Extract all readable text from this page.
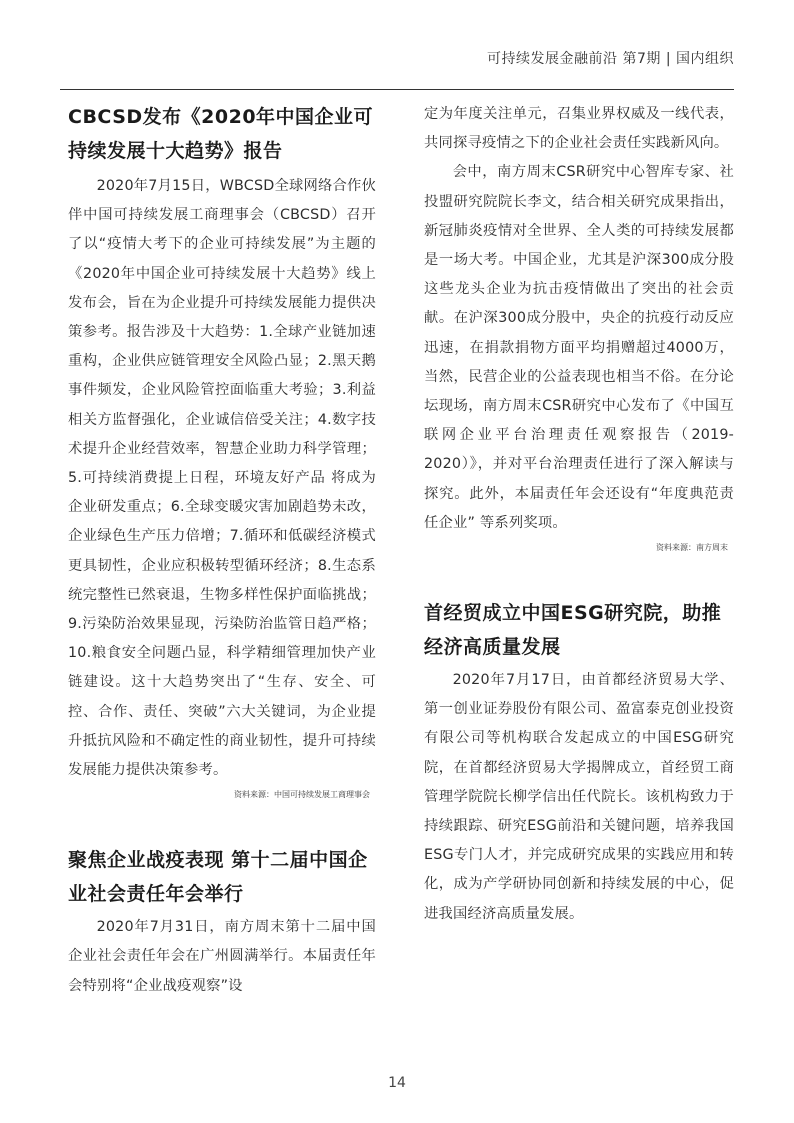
可持续发展金融前沿 第7期 | 国内组织
CBCSD发布《2020年中国企业可持续发展十大趋势》报告

2020年7月15日，WBCSD全球网络合作伙伴中国可持续发展工商理事会（CBCSD）召开了以“疫情大考下的企业可持续发展”为主题的《2020年中国企业可持续发展十大趋势》线上发布会，旨在为企业提升可持续发展能力提供决策参考。报告涉及十大趋势：1.全球产业链加速重构，企业供应链管理安全风险凸显；2.黑天鹅事件频发，企业风险管控面临重大考验；3.利益相关方监督强化，企业诚信倍受关注；4.数字技术提升企业经营效率，智慧企业助力科学管理；5.可持续消费提上日程，环境友好产品 将成为企业研发重点；6.全球变暖灾害加剧趋势未改，企业绿色生产压力倍增；7.循环和低碳经济模式更具韧性，企业应积极转型循环经济；8.生态系统完整性已然衰退，生物多样性保护面临挑战；9.污染防治效果显现，污染防治监管日趋严格；10.粮食安全问题凸显，科学精细管理加快产业链建设。这十大趋势突出了“生存、安全、可控、合作、责任、突破”六大关键词，为企业提升抵抗风险和不确定性的商业韧性，提升可持续发展能力提供决策参考。

资料来源：中国可持续发展工商理事会
聚焦企业战疫表现 第十二届中国企业社会责任年会举行

2020年7月31日，南方周末第十二届中国企业社会责任年会在广州圆满举行。本届责任年会特别将“企业战疫观察”设

定为年度关注单元，召集业界权威及一线代表，共同探寻疫情之下的企业社会责任实践新风向。

会中，南方周末CSR研究中心智库专家、社投盟研究院院长李文，结合相关研究成果指出，新冠肺炎疫情对全世界、全人类的可持续发展都是一场大考。中国企业，尤其是沪深300成分股这些龙头企业为抗击疫情做出了突出的社会贡献。在沪深300成分股中，央企的抗疫行动反应迅速，在捐款捐物方面平均捐赠超过4000万，当然，民营企业的公益表现也相当不俗。在分论坛现场，南方周末CSR研究中心发布了《中国互联网企业平台治理责任观察报告（2019-2020）》，并对平台治理责任进行了深入解读与探究。此外，本届责任年会还设有“年度典范责任企业” 等系列奖项。

资料来源：南方周末
首经贸成立中国ESG研究院，助推经济高质量发展

2020年7月17日，由首都经济贸易大学、第一创业证券股份有限公司、盈富泰克创业投资有限公司等机构联合发起成立的中国ESG研究院，在首都经济贸易大学揭牌成立，首经贸工商管理学院院长柳学信出任代院长。该机构致力于持续跟踪、研究ESG前沿和关键问题，培养我国ESG专门人才，并完成研究成果的实践应用和转化，成为产学研协同创新和持续发展的中心，促进我国经济高质量发展。

14
